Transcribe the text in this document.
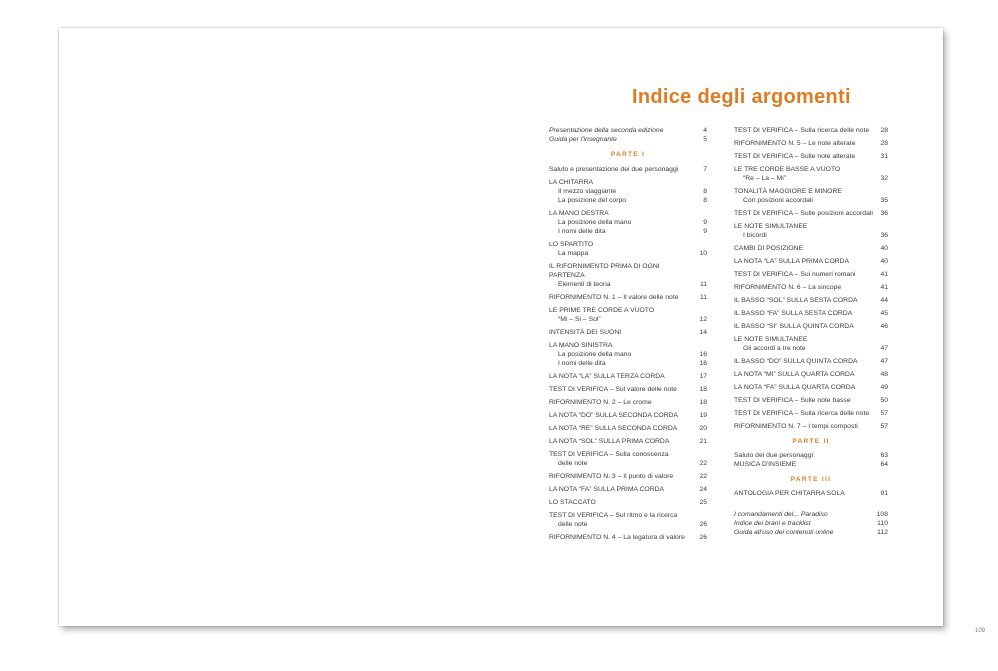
Indice degli argomenti
Presentazione della seconda edizione	4
Guida per l'insegnante	5
PARTE I
Saluto e presentazione dei due personaggi	7
LA CHITARRA
Il mezzo viaggiante	8
La posizione del corpo	8
LA MANO DESTRA
La posizione della mano	9
I nomi delle dita	9
LO SPARTITO
La mappa	10
IL RIFORNIMENTO PRIMA DI OGNI PARTENZA
Elementi di teoria	11
RIFORNIMENTO N. 1 – Il valore delle note	11
LE PRIME TRE CORDE A VUOTO
“Mi – Si – Sol”	12
INTENSITÀ DEI SUONI	14
LA MANO SINISTRA
La posizione della mano	16
I nomi delle dita	16
LA NOTA “LA” SULLA TERZA CORDA	17
TEST DI VERIFICA – Sul valore delle note	18
RIFORNIMENTO N. 2 – Le crome	18
LA NOTA “DO” SULLA SECONDA CORDA	19
LA NOTA “RE” SULLA SECONDA CORDA	20
LA NOTA “SOL” SULLA PRIMA CORDA	21
TEST DI VERIFICA – Sulla conoscenza
delle note	22
RIFORNIMENTO N. 3 – Il punto di valore	22
LA NOTA “FA” SULLA PRIMA CORDA	24
LO STACCATO	25
TEST DI VERIFICA – Sul ritmo e la ricerca
delle note	26
RIFORNIMENTO N. 4 – La legatura di valore	26
TEST DI VERIFICA – Sulla ricerca delle note	28
RIFORNIMENTO N. 5 – Le note alterate	28
TEST DI VERIFICA – Sulle note alterate	31
LE TRE CORDE BASSE A VUOTO
“Re – La – Mi”	32
TONALITÀ MAGGIORE E MINORE
Con posizioni accordali	35
TEST DI VERIFICA – Sulle posizioni accordali	36
LE NOTE SIMULTANEE
I bicordi	36
CAMBI DI POSIZIONE	40
LA NOTA “LA” SULLA PRIMA CORDA	40
TEST DI VERIFICA – Sui numeri romani	41
RIFORNIMENTO N. 6 – La sincope	41
IL BASSO “SOL” SULLA SESTA CORDA	44
IL BASSO “FA” SULLA SESTA CORDA	45
IL BASSO “SI” SULLA QUINTA CORDA	46
LE NOTE SIMULTANEE
Gli accordi a tre note	47
IL BASSO “DO” SULLA QUINTA CORDA	47
LA NOTA “MI” SULLA QUARTA CORDA	48
LA NOTA “FA” SULLA QUARTA CORDA	49
TEST DI VERIFICA – Sulle note basse	50
TEST DI VERIFICA – Sulla ricerca delle note	57
RIFORNIMENTO N. 7 – I tempi composti	57
PARTE II
Saluto dei due personaggi	63
MUSICA D'INSIEME	64
PARTE III
ANTOLOGIA PER CHITARRA SOLA	91
I comandamenti del... Paradiso	108
Indice dei brani e tracklist	110
Guida all'uso dei contenuti online	112
109
